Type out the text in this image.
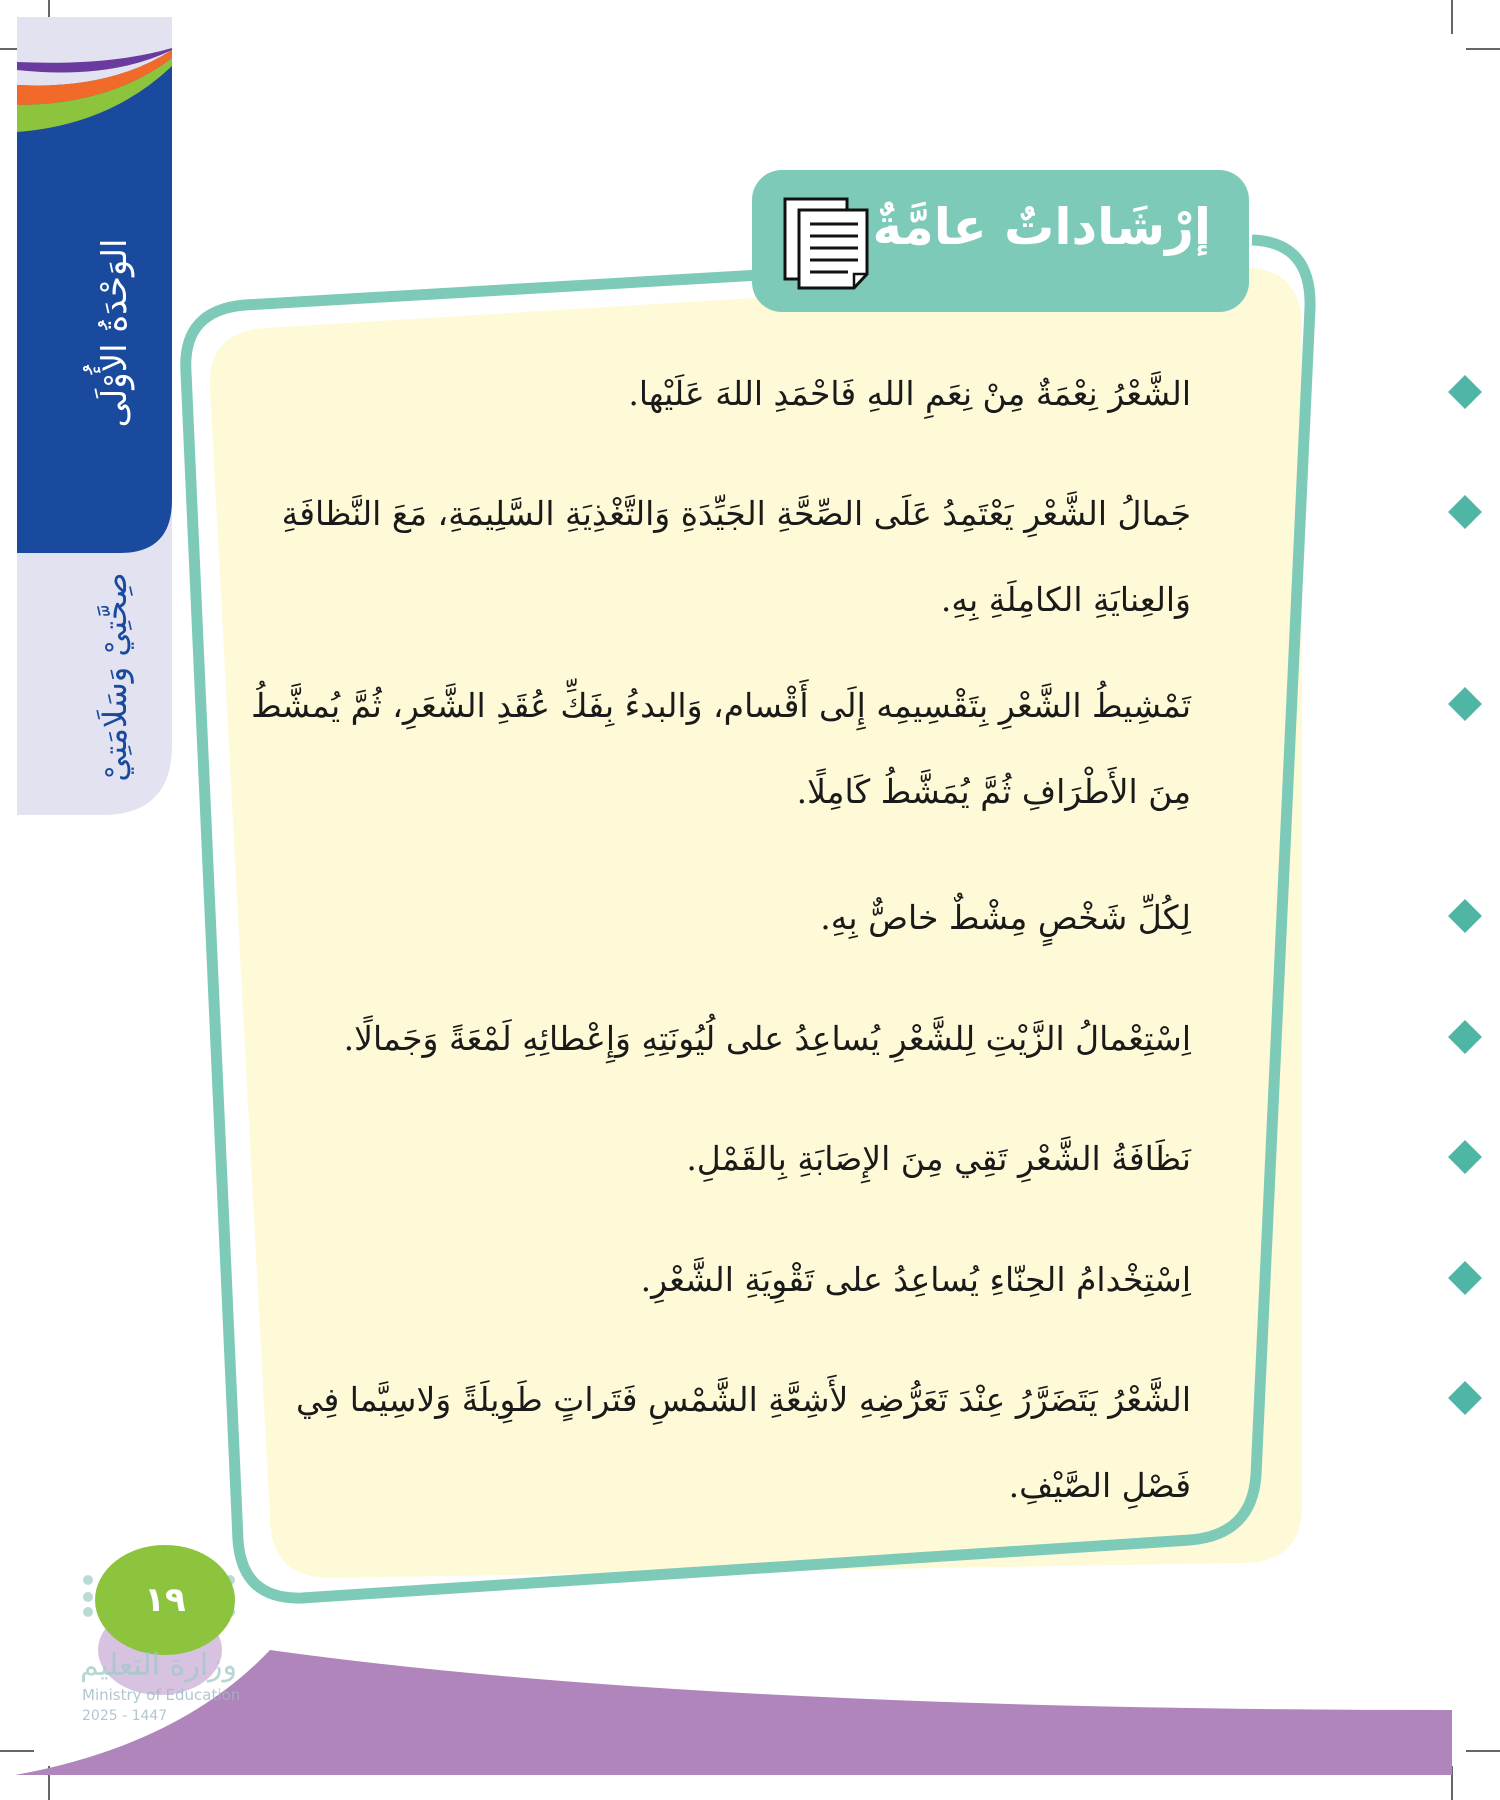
الوَحْدَةُ الأُوْلَى
صِحَّتِيْ وَسَلَامَتِيْ
إرْشَاداتٌ عامَّةٌ
الشَّعْرُ نِعْمَةٌ مِنْ نِعَمِ اللهِ فَاحْمَدِ اللهَ عَلَيْها.
جَمالُ الشَّعْرِ يَعْتَمِدُ عَلَى الصِّحَّةِ الجَيِّدَةِ وَالتَّغْذِيَةِ السَّلِيمَةِ، مَعَ النَّظافَةِ
وَالعِنايَةِ الكامِلَةِ بِهِ.
تَمْشِيطُ الشَّعْرِ بِتَقْسِيمِه إِلَى أَقْسام، وَالبدءُ بِفَكِّ عُقَدِ الشَّعَرِ، ثُمَّ يُمشَّطُ
مِنَ الأَطْرَافِ ثُمَّ يُمَشَّطُ كَامِلًا.
لِكُلِّ شَخْصٍ مِشْطٌ خاصٌّ بِهِ.
اِسْتِعْمالُ الزَّيْتِ لِلشَّعْرِ يُساعِدُ على لُيُونَتِهِ وَإِعْطائِهِ لَمْعَةً وَجَمالًا.
نَظَافَةُ الشَّعْرِ تَقِي مِنَ الإِصَابَةِ بِالقَمْلِ.
اِسْتِخْدامُ الحِنّاءِ يُساعِدُ على تَقْوِيَةِ الشَّعْرِ.
الشَّعْرُ يَتَضَرَّرُ عِنْدَ تَعَرُّضِهِ لأَشِعَّةِ الشَّمْسِ فَتَراتٍ طَوِيلَةً وَلاسِيَّما فِي
فَصْلِ الصَّيْفِ.
١٩
وزارة التعليم
Ministry of Education
2025 - 1447
